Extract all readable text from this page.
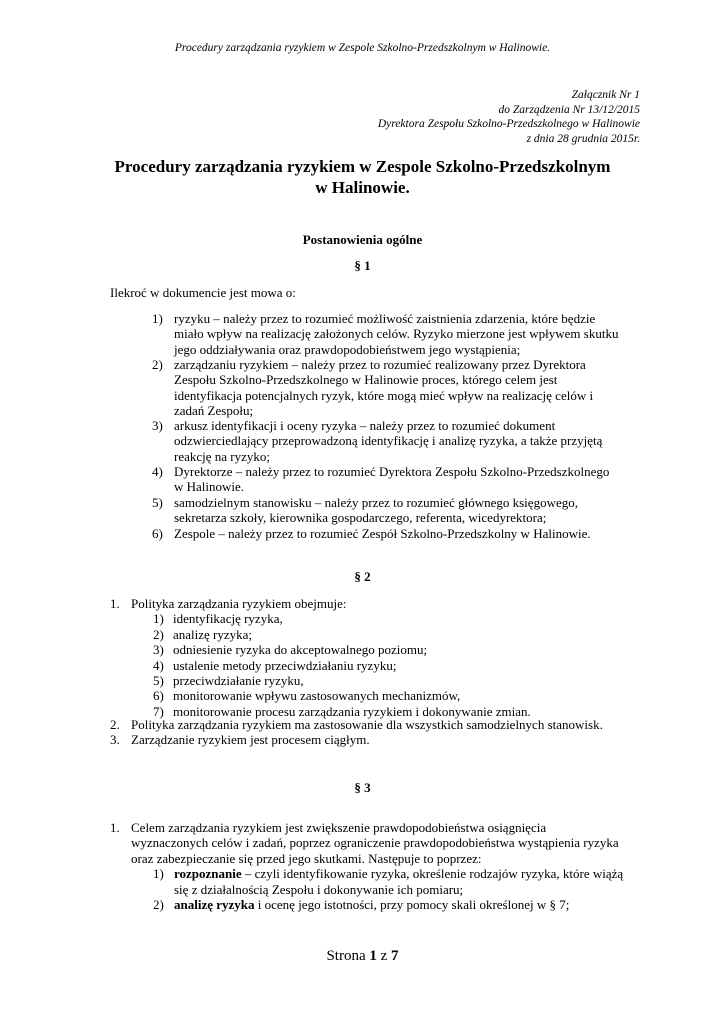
Procedury zarządzania ryzykiem w Zespole Szkolno-Przedszkolnym w Halinowie.
Załącznik Nr 1
do Zarządzenia Nr 13/12/2015
Dyrektora Zespołu Szkolno-Przedszkolnego w Halinowie
z dnia 28 grudnia 2015r.
Procedury zarządzania ryzykiem w Zespole Szkolno-Przedszkolnym
w Halinowie.
Postanowienia ogólne
§ 1
Ilekroć w dokumencie jest mowa o:
1) ryzyku – należy przez to rozumieć możliwość zaistnienia zdarzenia, które będzie
miało wpływ na realizację założonych celów. Ryzyko mierzone jest wpływem skutku
jego oddziaływania oraz prawdopodobieństwem jego wystąpienia;
2) zarządzaniu ryzykiem – należy przez to rozumieć realizowany przez Dyrektora
Zespołu Szkolno-Przedszkolnego w Halinowie proces, którego celem jest
identyfikacja potencjalnych ryzyk, które mogą mieć wpływ na realizację celów i
zadań Zespołu;
3) arkusz identyfikacji i oceny ryzyka – należy przez to rozumieć dokument
odzwierciedlający przeprowadzoną identyfikację i analizę ryzyka, a także przyjętą
reakcję na ryzyko;
4) Dyrektorze – należy przez to rozumieć Dyrektora Zespołu Szkolno-Przedszkolnego
w Halinowie.
5) samodzielnym stanowisku – należy przez to rozumieć głównego księgowego,
sekretarza szkoły, kierownika gospodarczego, referenta, wicedyrektora;
6) Zespole – należy przez to rozumieć Zespół Szkolno-Przedszkolny w Halinowie.
§ 2
1. Polityka zarządzania ryzykiem obejmuje:
1) identyfikację ryzyka,
2) analizę ryzyka;
3) odniesienie ryzyka do akceptowalnego poziomu;
4) ustalenie metody przeciwdziałaniu ryzyku;
5) przeciwdziałanie ryzyku,
6) monitorowanie wpływu zastosowanych mechanizmów,
7) monitorowanie procesu zarządzania ryzykiem i dokonywanie zmian.
2. Polityka zarządzania ryzykiem ma zastosowanie dla wszystkich samodzielnych stanowisk.
3. Zarządzanie ryzykiem jest procesem ciągłym.
§ 3
1. Celem zarządzania ryzykiem jest zwiększenie prawdopodobieństwa osiągnięcia
wyznaczonych celów i zadań, poprzez ograniczenie prawdopodobieństwa wystąpienia ryzyka
oraz zabezpieczanie się przed jego skutkami. Następuje to poprzez:
1) rozpoznanie – czyli identyfikowanie ryzyka, określenie rodzajów ryzyka, które wiążą
się z działalnością Zespołu i dokonywanie ich pomiaru;
2) analizę ryzyka i ocenę jego istotności, przy pomocy skali określonej w § 7;
Strona 1 z 7
